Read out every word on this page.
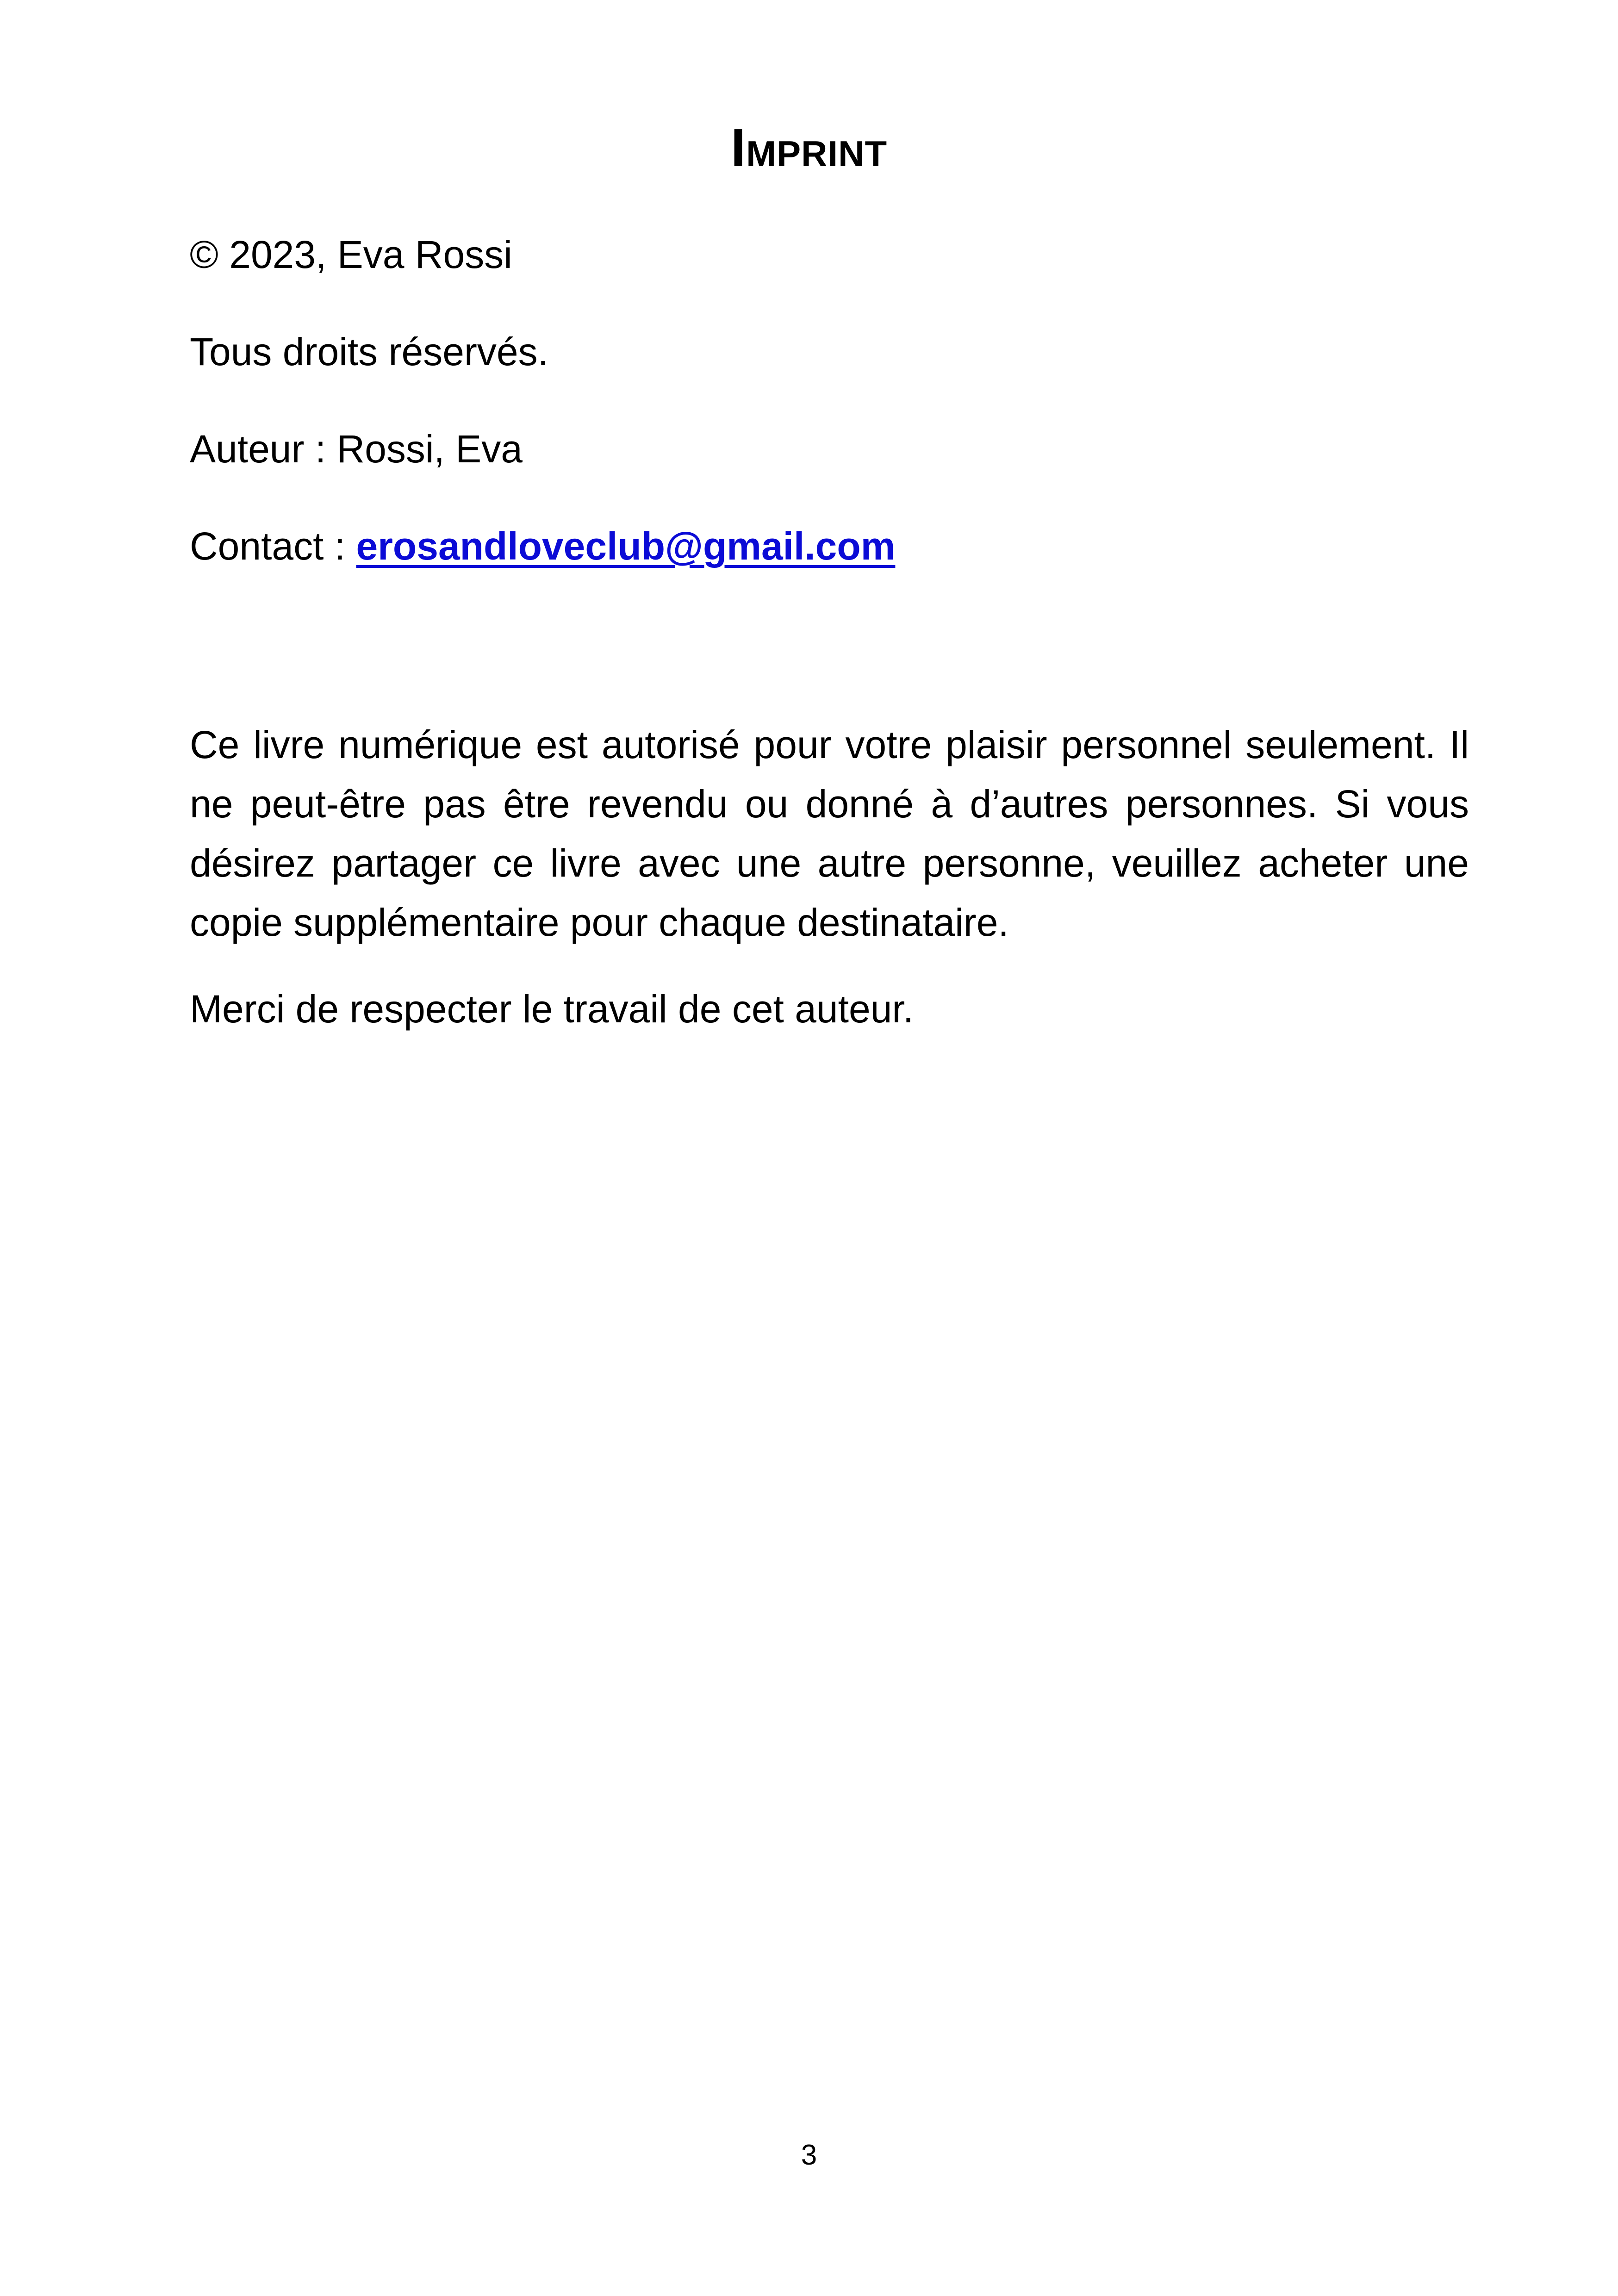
IMPRINT
© 2023, Eva Rossi
Tous droits réservés.
Auteur : Rossi, Eva
Contact : erosandloveclub@gmail.com

Ce livre numérique est autorisé pour votre plaisir personnel seulement. Il ne peut-être pas être revendu ou donné à d’autres personnes. Si vous désirez partager ce livre avec une autre personne, veuillez acheter une copie supplémentaire pour chaque destinataire.

Merci de respecter le travail de cet auteur.
3
